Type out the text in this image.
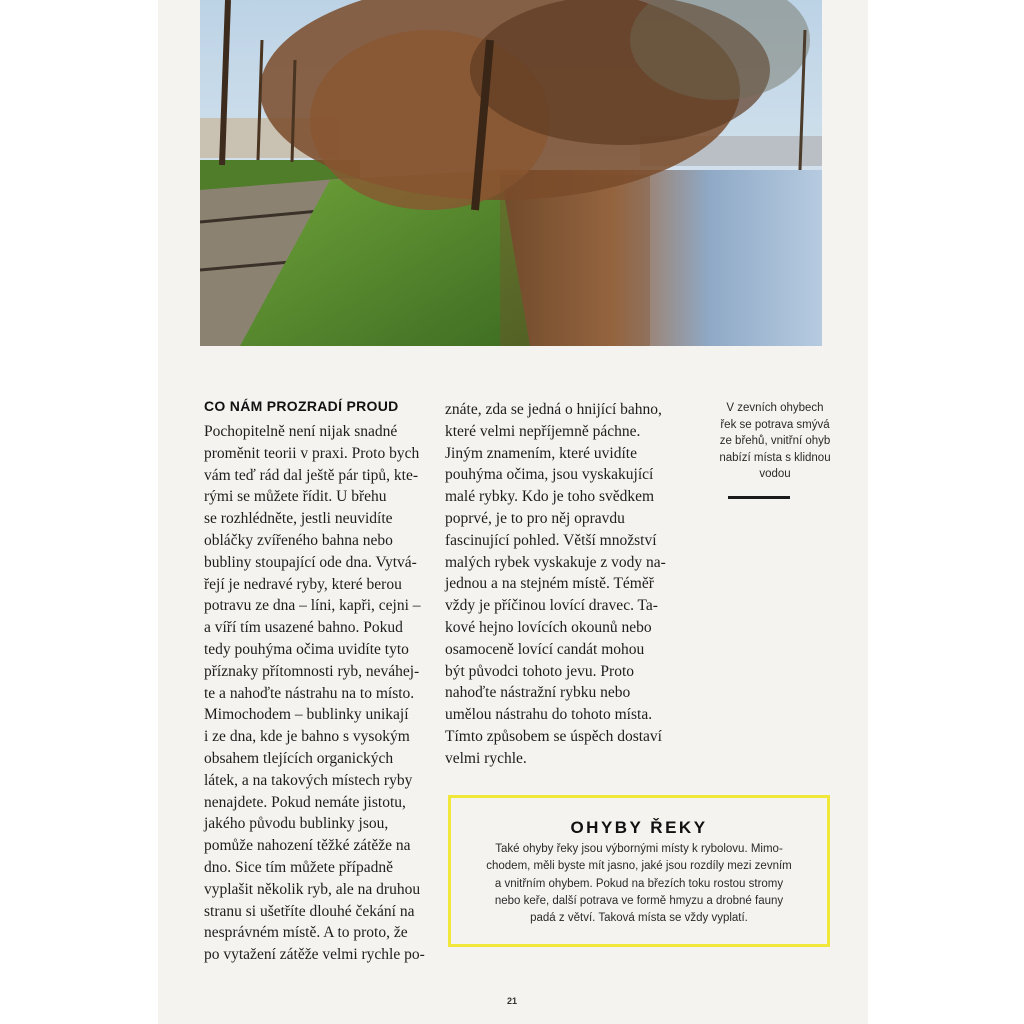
CO NÁM PROZRADÍ PROUD
Pochopitelně není nijak snadné
proměnit teorii v praxi. Proto bych
vám teď rád dal ještě pár tipů, kte-
rými se můžete řídit. U břehu
se rozhlédněte, jestli neuvidíte
obláčky zvířeného bahna nebo
bubliny stoupající ode dna. Vytvá-
řejí je nedravé ryby, které berou
potravu ze dna – líni, kapři, cejni –
a víří tím usazené bahno. Pokud
tedy pouhýma očima uvidíte tyto
příznaky přítomnosti ryb, neváhej-
te a nahoďte nástrahu na to místo.
Mimochodem – bublinky unikají
i ze dna, kde je bahno s vysokým
obsahem tlejících organických
látek, a na takových místech ryby
nenajdete. Pokud nemáte jistotu,
jakého původu bublinky jsou,
pomůže nahození těžké zátěže na
dno. Sice tím můžete případně
vyplašit několik ryb, ale na druhou
stranu si ušetříte dlouhé čekání na
nesprávném místě. A to proto, že
po vytažení zátěže velmi rychle po-
znáte, zda se jedná o hnijící bahno,
které velmi nepříjemně páchne.
Jiným znamením, které uvidíte
pouhýma očima, jsou vyskakující
malé rybky. Kdo je toho svědkem
poprvé, je to pro něj opravdu
fascinující pohled. Větší množství
malých rybek vyskakuje z vody na-
jednou a na stejném místě. Téměř
vždy je příčinou lovící dravec. Ta-
kové hejno lovících okounů nebo
osamoceně lovící candát mohou
být původci tohoto jevu. Proto
nahoďte nástražní rybku nebo
umělou nástrahu do tohoto místa.
Tímto způsobem se úspěch dostaví
velmi rychle.
V zevních ohybech
řek se potrava smývá
ze břehů, vnitřní ohyb
nabízí místa s klidnou
vodou
OHYBY ŘEKY
Také ohyby řeky jsou výbornými místy k rybolovu. Mimo-
chodem, měli byste mít jasno, jaké jsou rozdíly mezi zevním
a vnitřním ohybem. Pokud na březích toku rostou stromy
nebo keře, další potrava ve formě hmyzu a drobné fauny
padá z větví. Taková místa se vždy vyplatí.
21
